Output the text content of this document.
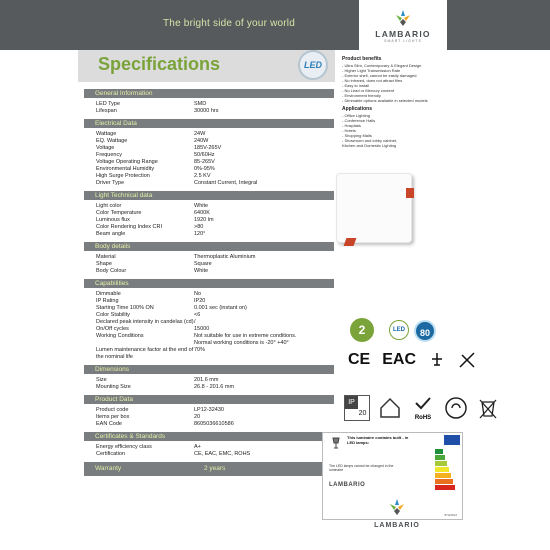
The bright side of your world
LAMBARIO
SMART LIGHTS
Specifications	LED
General Information
LED Type	SMD
Lifespan	30000 hrs
Electrical Data
Wattage	24W
EQ. Wattage	240W
Voltage	185V-265V
Frequency	50/60Hz
Voltage Operating Range	85-265V
Environmental Humidity	0%-95%
High Surge Protection	2.5 KV
Driver Type	Constant Current, Integral
Light Technical data
Light color	White
Color Temperature	6400K
Luminous flux	1920 lm
Color Rendering Index CRI	>80
Beam angle	120°
Body details
Material	Thermoplastic Aluminium
Shape	Square
Body Colour	White
Capabilities
Dimmable	No
IP Rating	IP20
Starting Time 100% ON	0.001 sec (instant on)
Color Stability	<6
Declared peak intensity in candelas (cd) /
On/Off cycles	15000
Working Conditions	Not suitable for use in extreme conditions.
Normal working conditions is -20° +40°
Lumen maintenance factor at the end of 70%
the nominal life
Dimensions
Size	201.6 mm
Mounting Size	26.8 - 201.6 mm
Product Data
Product code	LP12-32430
Items per box	20
EAN Code	8605036610586
Certificates & Standards
Energy efficiency class	A+
Certification	CE, EAC, EMC, ROHS
Warranty	2 years
Product benefits
- Ultra Slim, Contemporary & Elegant Design
- Higher Light Transmission Rate
- Exterior shell, cannot be easily damaged
- No infrared, does not attract flies
- Easy to install
- No Lead or Mercury content
- Environment friendly
- Dimmable options available in selected models
Applications
- Office Lighting
- Conference Halls
- Hospitals
- Hotels
- Shopping Malls
- Showroom and lobby cabinet,
Kitchen and Domestic Lighting
2	LED	80
CE EAC
IP
20
RoHS
This luminaire contains built - in LED lamps:
The LED lamps cannot be changed in the luminaire
LAMBARIO
874/2012
LAMBARIO
